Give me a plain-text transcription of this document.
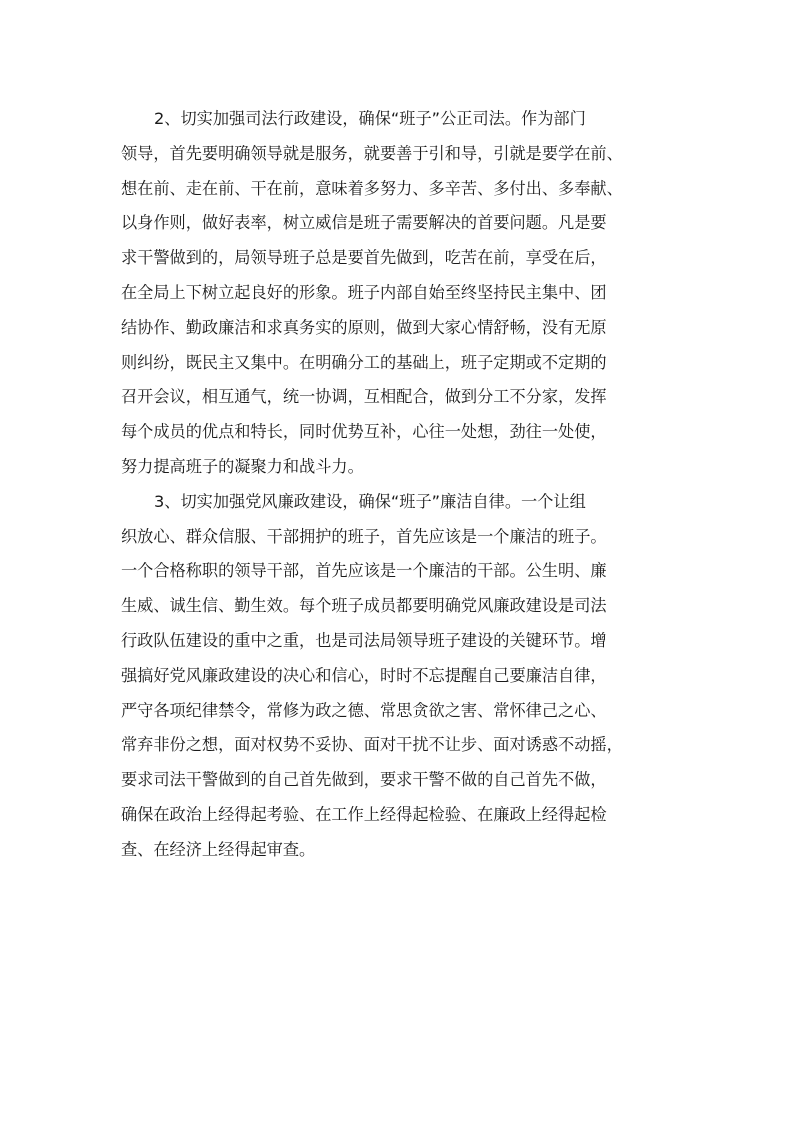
2、切实加强司法行政建设，确保“班子”公正司法。作为部门
领导，首先要明确领导就是服务，就要善于引和导，引就是要学在前、
想在前、走在前、干在前，意味着多努力、多辛苦、多付出、多奉献、
以身作则，做好表率，树立威信是班子需要解决的首要问题。凡是要
求干警做到的，局领导班子总是要首先做到，吃苦在前，享受在后，
在全局上下树立起良好的形象。班子内部自始至终坚持民主集中、团
结协作、勤政廉洁和求真务实的原则，做到大家心情舒畅，没有无原
则纠纷，既民主又集中。在明确分工的基础上，班子定期或不定期的
召开会议，相互通气，统一协调，互相配合，做到分工不分家，发挥
每个成员的优点和特长，同时优势互补，心往一处想，劲往一处使，
努力提高班子的凝聚力和战斗力。
3、切实加强党风廉政建设，确保“班子”廉洁自律。一个让组
织放心、群众信服、干部拥护的班子，首先应该是一个廉洁的班子。
一个合格称职的领导干部，首先应该是一个廉洁的干部。公生明、廉
生威、诚生信、勤生效。每个班子成员都要明确党风廉政建设是司法
行政队伍建设的重中之重，也是司法局领导班子建设的关键环节。增
强搞好党风廉政建设的决心和信心，时时不忘提醒自己要廉洁自律，
严守各项纪律禁令，常修为政之德、常思贪欲之害、常怀律己之心、
常弃非份之想，面对权势不妥协、面对干扰不让步、面对诱惑不动摇，
要求司法干警做到的自己首先做到，要求干警不做的自己首先不做，
确保在政治上经得起考验、在工作上经得起检验、在廉政上经得起检
查、在经济上经得起审查。
